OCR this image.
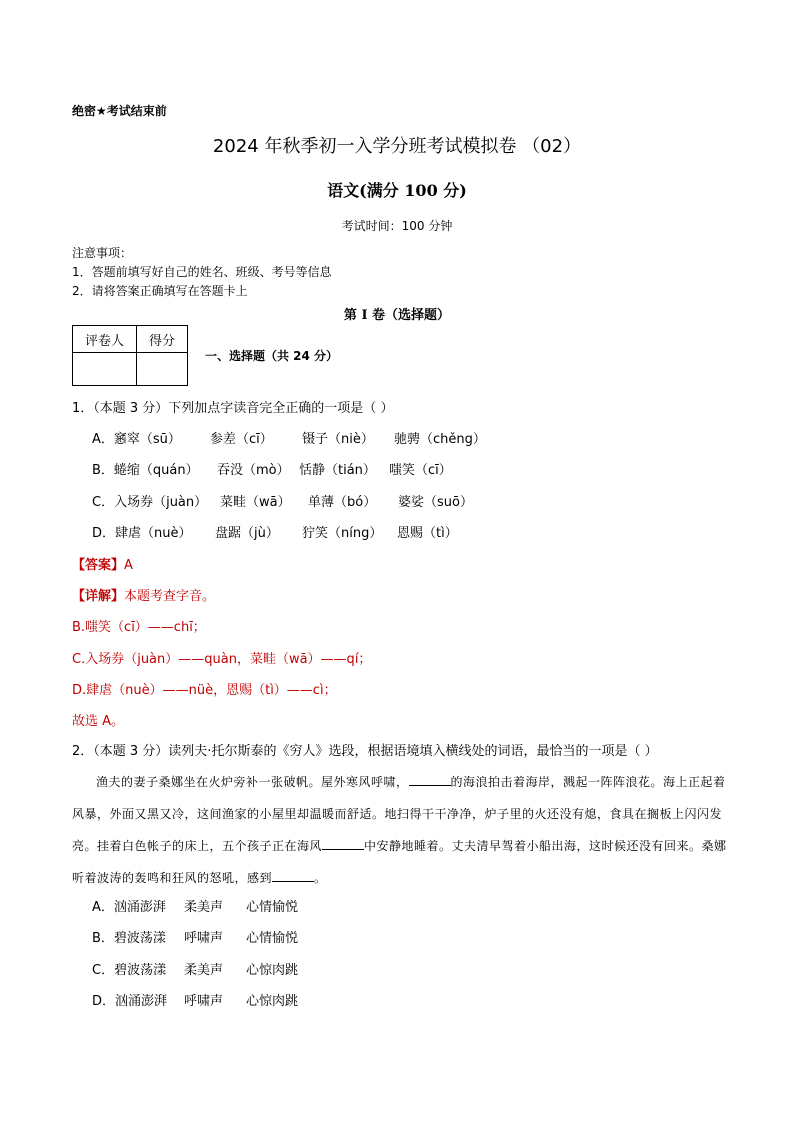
绝密★考试结束前
2024 年秋季初一入学分班考试模拟卷 （02）
语文(满分 100 分)
考试时间：100 分钟
注意事项：
1．答题前填写好自己的姓名、班级、考号等信息
2．请将答案正确填写在答题卡上
第 I 卷（选择题）
评卷人	得分

一、选择题（共 24 分）
1．（本题 3 分）下列加点字读音完全正确的一项是（ ）
A．窸窣（sū） 参差（cī） 镊子（niè） 驰骋（chěng）
B．蜷缩（quán） 吞没（mò） 恬静（tián） 嗤笑（cī）
C．入场券（juàn） 菜畦（wā） 单薄（bó） 婆娑（suō）
D．肆虐（nuè） 盘踞（jù） 狞笑（níng） 恩赐（tì）
【答案】A
【详解】本题考查字音。
B.嗤笑（cī）——chī；
C.入场券（juàn）——quàn，菜畦（wā）——qí；
D.肆虐（nuè）——nüè，恩赐（tì）——cì；
故选 A。
2．（本题 3 分）读列夫·托尔斯泰的《穷人》选段，根据语境填入横线处的词语，最恰当的一项是（ ）
渔夫的妻子桑娜坐在火炉旁补一张破帆。屋外寒风呼啸，	的海浪拍击着海岸，溅起一阵阵浪花。海上正起着风暴，外面又黑又冷，这间渔家的小屋里却温暖而舒适。地扫得干干净净，炉子里的火还没有熄，食具在搁板上闪闪发亮。挂着白色帐子的床上，五个孩子正在海风	中安静地睡着。丈夫清早驾着小船出海，这时候还没有回来。桑娜听着波涛的轰鸣和狂风的怒吼，感到	。
A．汹涌澎湃 柔美声 心情愉悦
B．碧波荡漾 呼啸声 心情愉悦
C．碧波荡漾 柔美声 心惊肉跳
D．汹涌澎湃 呼啸声 心惊肉跳
